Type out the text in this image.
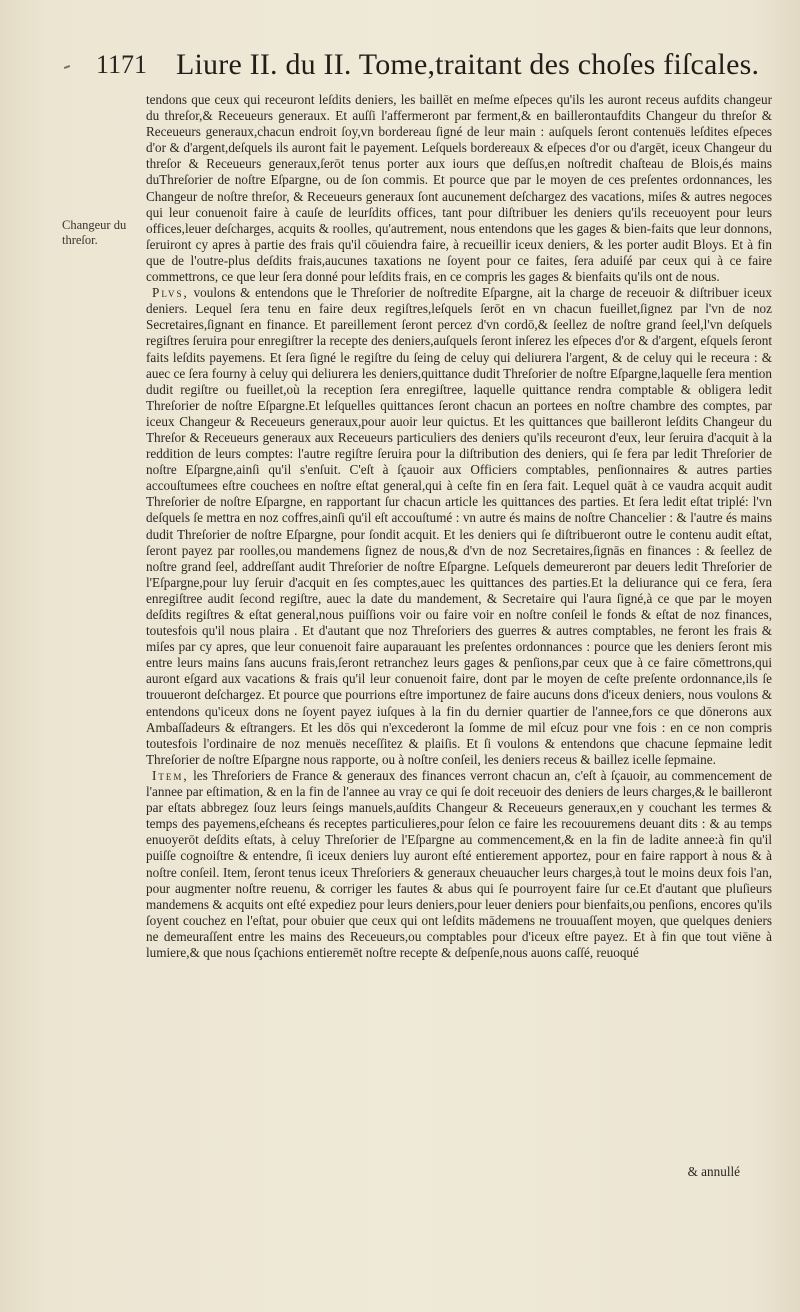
1171 Liure II. du II. Tome,traitant des choſes fiſcales.
Changeur du threſor.

tendons que ceux qui receuront leſdits deniers, les baillēt en meſme eſpeces qu'ils les auront receus aufdits changeur du threſor,& Receueurs generaux. Et auſſi l'affermeront par ferment,& en baillerontaufdits Changeur du threſor & Receueurs generaux,chacun endroit ſoy,vn bordereau ſigné de leur main : auſquels ſeront contenuës leſdites eſpeces d'or & d'argent,deſquels ils auront fait le payement. Leſquels bordereaux & eſpeces d'or ou d'argēt, iceux Changeur du threſor & Receueurs generaux,ſerōt tenus porter aux iours que deſſus,en noſtredit chaſteau de Blois,és mains duThreſorier de noſtre Eſpargne, ou de ſon commis. Et pource que par le moyen de ces preſentes ordonnances, les Changeur de noſtre threſor, & Receueurs generaux ſont aucunement deſchargez des vacations, miſes & autres negoces qui leur conuenoit faire à cauſe de leurſdits offices, tant pour diſtribuer les deniers qu'ils receuoyent pour leurs offices,leuer deſcharges, acquits & roolles, qu'autrement, nous entendons que les gages & bien-faits que leur donnons, ſeruiront cy apres à partie des frais qu'il cōuiendra faire, à recueillir iceux deniers, & les porter audit Bloys. Et à fin que de l'outre-plus deſdits frais,aucunes taxations ne ſoyent pour ce faites, ſera aduiſé par ceux qui à ce faire commettrons, ce que leur ſera donné pour leſdits frais, en ce compris les gages & bienfaits qu'ils ont de nous.

Plvs, voulons & entendons que le Threſorier de noſtredite Eſpargne, ait la charge de receuoir & diſtribuer iceux deniers. Lequel ſera tenu en faire deux regiſtres,leſquels ſerōt en vn chacun fueillet,ſignez par l'vn de noz Secretaires,ſignant en finance. Et pareillement ſeront percez d'vn cordō,& ſeellez de noſtre grand ſeel,l'vn deſquels regiſtres ſeruira pour enregiſtrer la recepte des deniers,auſquels ſeront inſerez les eſpeces d'or & d'argent, eſquels ſeront faits leſdits payemens. Et ſera ſigné le regiſtre du ſeing de celuy qui deliurera l'argent, & de celuy qui le receura : & auec ce ſera fourny à celuy qui deliurera les deniers,quittance dudit Threſorier de noſtre Eſpargne,laquelle ſera mention dudit regiſtre ou fueillet,où la reception ſera enregiſtree, laquelle quittance rendra comptable & obligera ledit Threſorier de noſtre Eſpargne.Et leſquelles quittances ſeront chacun an portees en noſtre chambre des comptes, par iceux Changeur & Receueurs generaux,pour auoir leur quictus. Et les quittances que bailleront leſdits Changeur du Threſor & Receueurs generaux aux Receueurs particuliers des deniers qu'ils receuront d'eux, leur ſeruira d'acquit à la reddition de leurs comptes: l'autre regiſtre ſeruira pour la diſtribution des deniers, qui ſe fera par ledit Threſorier de noſtre Eſpargne,ainſi qu'il s'enſuit. C'eſt à ſçauoir aux Officiers comptables, penſionnaires & autres parties accouſtumees eſtre couchees en noſtre eſtat general,qui à ceſte fin en ſera fait. Lequel quāt à ce vaudra acquit audit Threſorier de noſtre Eſpargne, en rapportant ſur chacun article les quittances des parties. Et ſera ledit eſtat triplé: l'vn deſquels ſe mettra en noz coffres,ainſi qu'il eſt accouſtumé : vn autre és mains de noſtre Chancelier : & l'autre és mains dudit Threſorier de noſtre Eſpargne, pour ſondit acquit. Et les deniers qui ſe diſtribueront outre le contenu audit eſtat, ſeront payez par roolles,ou mandemens ſignez de nous,& d'vn de noz Secretaires,ſignās en finances : & ſeellez de noſtre grand ſeel, addreſſant audit Threſorier de noſtre Eſpargne. Leſquels demeureront par deuers ledit Threſorier de l'Eſpargne,pour luy ſeruir d'acquit en ſes comptes,auec les quittances des parties.Et la deliurance qui ce fera, ſera enregiſtree audit ſecond regiſtre, auec la date du mandement, & Secretaire qui l'aura ſigné,à ce que par le moyen deſdits regiſtres & eſtat general,nous puiſſions voir ou faire voir en noſtre conſeil le fonds & eſtat de noz finances, toutesfois qu'il nous plaira . Et d'autant que noz Threſoriers des guerres & autres comptables, ne feront les frais & miſes par cy apres, que leur conuenoit faire auparauant les preſentes ordonnances : pource que les deniers ſeront mis entre leurs mains ſans aucuns frais,ſeront retranchez leurs gages & penſions,par ceux que à ce faire cōmettrons,qui auront eſgard aux vacations & frais qu'il leur conuenoit faire, dont par le moyen de ceſte preſente ordonnance,ils ſe trouueront deſchargez. Et pource que pourrions eſtre importunez de faire aucuns dons d'iceux deniers, nous voulons & entendons qu'iceux dons ne ſoyent payez iuſques à la fin du dernier quartier de l'annee,fors ce que dōnerons aux Ambaſſadeurs & eſtrangers. Et les dōs qui n'excederont la ſomme de mil eſcuz pour vne fois : en ce non compris toutesfois l'ordinaire de noz menuës neceſſitez & plaiſis. Et ſi voulons & entendons que chacune ſepmaine ledit Threſorier de noſtre Eſpargne nous rapporte, ou à noſtre conſeil, les deniers receus & baillez icelle ſepmaine.

Item, les Threſoriers de France & generaux des finances verront chacun an, c'eſt à ſçauoir, au commencement de l'annee par eſtimation, & en la fin de l'annee au vray ce qui ſe doit receuoir des deniers de leurs charges,& le bailleront par eſtats abbregez ſouz leurs ſeings manuels,auſdits Changeur & Receueurs generaux,en y couchant les termes & temps des payemens,eſcheans és receptes particulieres,pour ſelon ce faire les recouuremens deuant dits : & au temps enuoyerōt deſdits eſtats, à celuy Threſorier de l'Eſpargne au commencement,& en la fin de ladite annee:à fin qu'il puiſſe cognoiſtre & entendre, ſi iceux deniers luy auront eſté entierement apportez, pour en faire rapport à nous & à noſtre conſeil. Item, ſeront tenus iceux Threſoriers & generaux cheuaucher leurs charges,à tout le moins deux fois l'an, pour augmenter noſtre reuenu, & corriger les fautes & abus qui ſe pourroyent faire ſur ce.Et d'autant que pluſieurs mandemens & acquits ont eſté expediez pour leurs deniers,pour leuer deniers pour bienfaits,ou penſions, encores qu'ils ſoyent couchez en l'eſtat, pour obuier que ceux qui ont leſdits mādemens ne trouuaſſent moyen, que quelques deniers ne demeuraſſent entre les mains des Receueurs,ou comptables pour d'iceux eſtre payez. Et à fin que tout viēne à lumiere,& que nous ſçachions entieremēt noſtre recepte & deſpenſe,nous auons caſſé, reuoqué

& annullé
